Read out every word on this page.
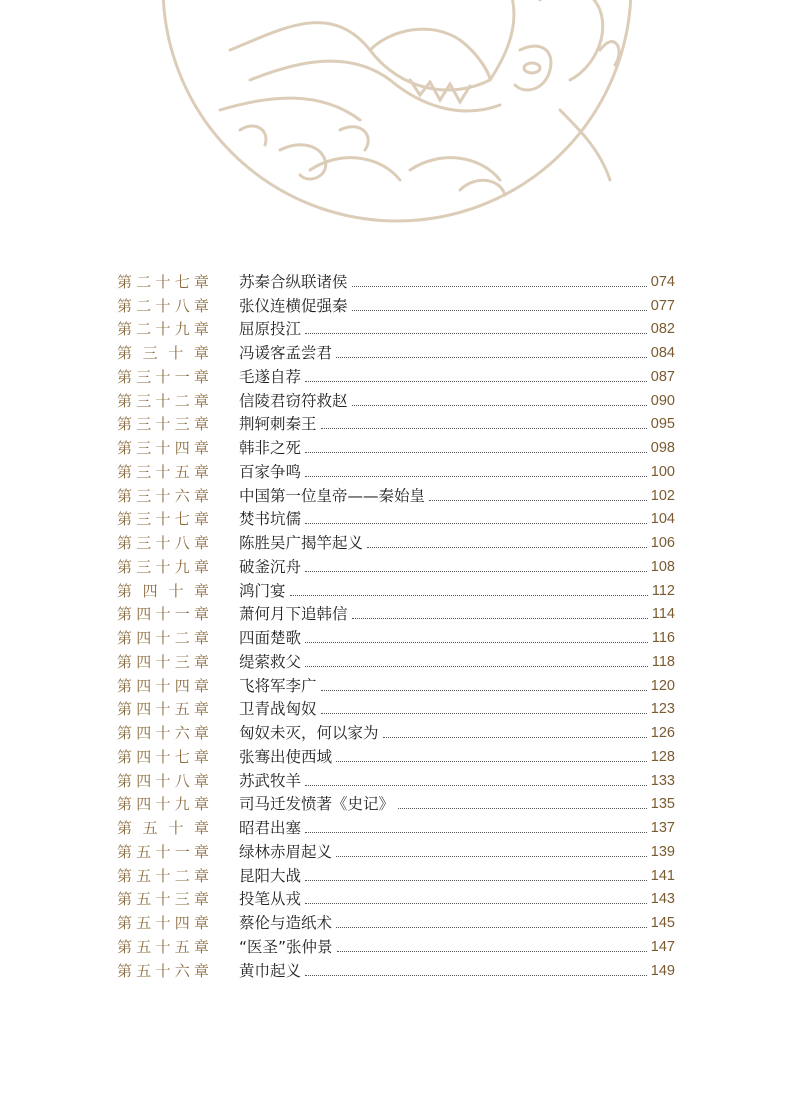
第 二 十 七 章 苏秦合纵联诸侯	074
第 二 十 八 章 张仪连横促强秦	077
第 二 十 九 章 屈原投江	082
第 三 十 章 冯谖客孟尝君	084
第 三 十 一 章 毛遂自荐	087
第 三 十 二 章 信陵君窃符救赵	090
第 三 十 三 章 荆轲刺秦王	095
第 三 十 四 章 韩非之死	098
第 三 十 五 章 百家争鸣	100
第 三 十 六 章 中国第一位皇帝——秦始皇	102
第 三 十 七 章 焚书坑儒	104
第 三 十 八 章 陈胜吴广揭竿起义	106
第 三 十 九 章 破釜沉舟	108
第 四 十 章 鸿门宴	112
第 四 十 一 章 萧何月下追韩信	114
第 四 十 二 章 四面楚歌	116
第 四 十 三 章 缇萦救父	118
第 四 十 四 章 飞将军李广	120
第 四 十 五 章 卫青战匈奴	123
第 四 十 六 章 匈奴未灭，何以家为	126
第 四 十 七 章 张骞出使西域	128
第 四 十 八 章 苏武牧羊	133
第 四 十 九 章 司马迁发愤著《史记》	135
第 五 十 章 昭君出塞	137
第 五 十 一 章 绿林赤眉起义	139
第 五 十 二 章 昆阳大战	141
第 五 十 三 章 投笔从戎	143
第 五 十 四 章 蔡伦与造纸术	145
第 五 十 五 章 “医圣”张仲景	147
第 五 十 六 章 黄巾起义	149
